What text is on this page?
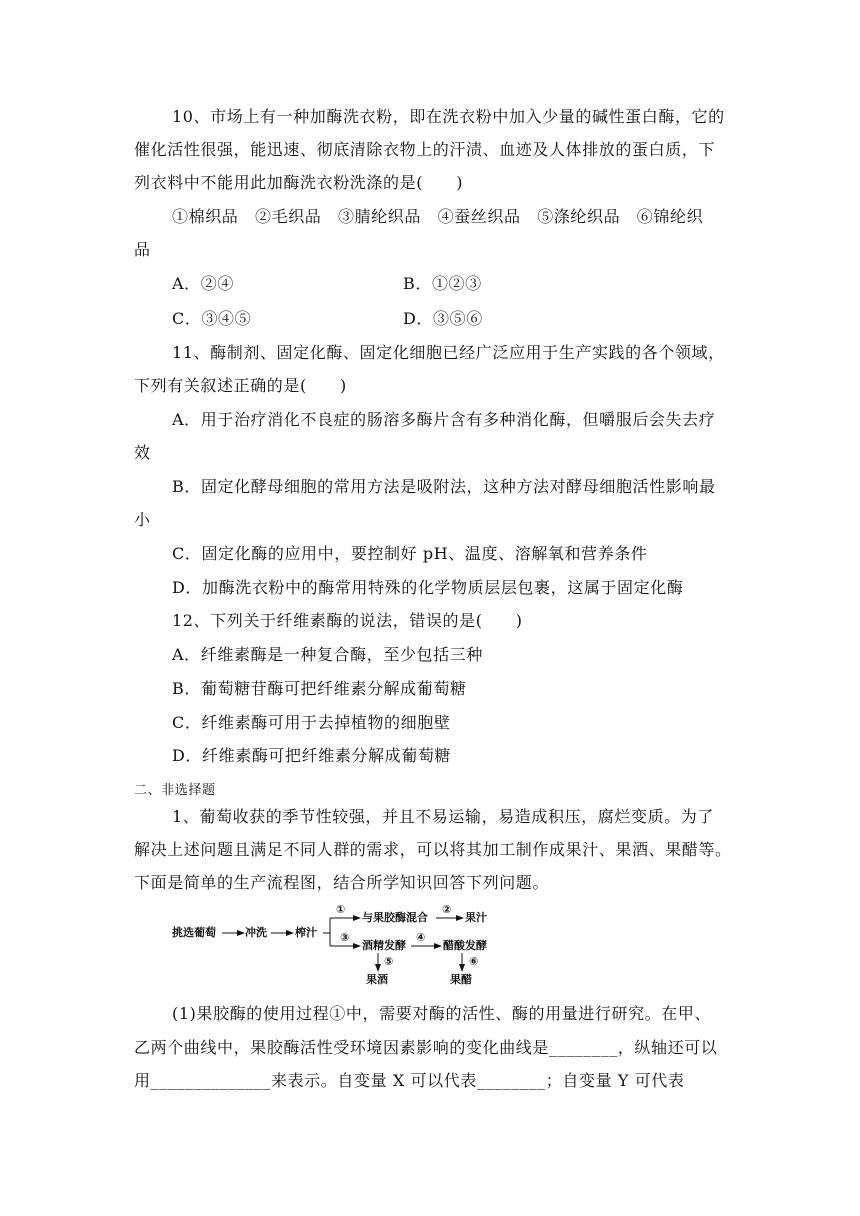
10、市场上有一种加酶洗衣粉，即在洗衣粉中加入少量的碱性蛋白酶，它的
催化活性很强，能迅速、彻底清除衣物上的汗渍、血迹及人体排放的蛋白质，下
列衣料中不能用此加酶洗衣粉洗涤的是(　　)
①棉织品　②毛织品　③腈纶织品　④蚕丝织品　⑤涤纶织品　⑥锦纶织
品
A．②④	B．①②③
C．③④⑤	D．③⑤⑥
11、酶制剂、固定化酶、固定化细胞已经广泛应用于生产实践的各个领域，
下列有关叙述正确的是(　　)
A．用于治疗消化不良症的肠溶多酶片含有多种消化酶，但嚼服后会失去疗
效
B．固定化酵母细胞的常用方法是吸附法，这种方法对酵母细胞活性影响最
小
C．固定化酶的应用中，要控制好 pH、温度、溶解氧和营养条件
D．加酶洗衣粉中的酶常用特殊的化学物质层层包裹，这属于固定化酶
12、下列关于纤维素酶的说法，错误的是(　　)
A．纤维素酶是一种复合酶，至少包括三种
B．葡萄糖苷酶可把纤维素分解成葡萄糖
C．纤维素酶可用于去掉植物的细胞壁
D．纤维素酶可把纤维素分解成葡萄糖
二、非选择题
1、葡萄收获的季节性较强，并且不易运输，易造成积压，腐烂变质。为了
解决上述问题且满足不同人群的需求，可以将其加工制作成果汁、果酒、果醋等。
下面是简单的生产流程图，结合所学知识回答下列问题。
挑选葡萄	冲洗	榨汁
与果胶酶混合	果汁
酒精发酵	醋酸发酵
果酒	果醋
①	②
③	④
⑤	⑥
(1)果胶酶的使用过程①中，需要对酶的活性、酶的用量进行研究。在甲、
乙两个曲线中，果胶酶活性受环境因素影响的变化曲线是________，纵轴还可以
用______________来表示。自变量 X 可以代表________；自变量 Y 可代表
